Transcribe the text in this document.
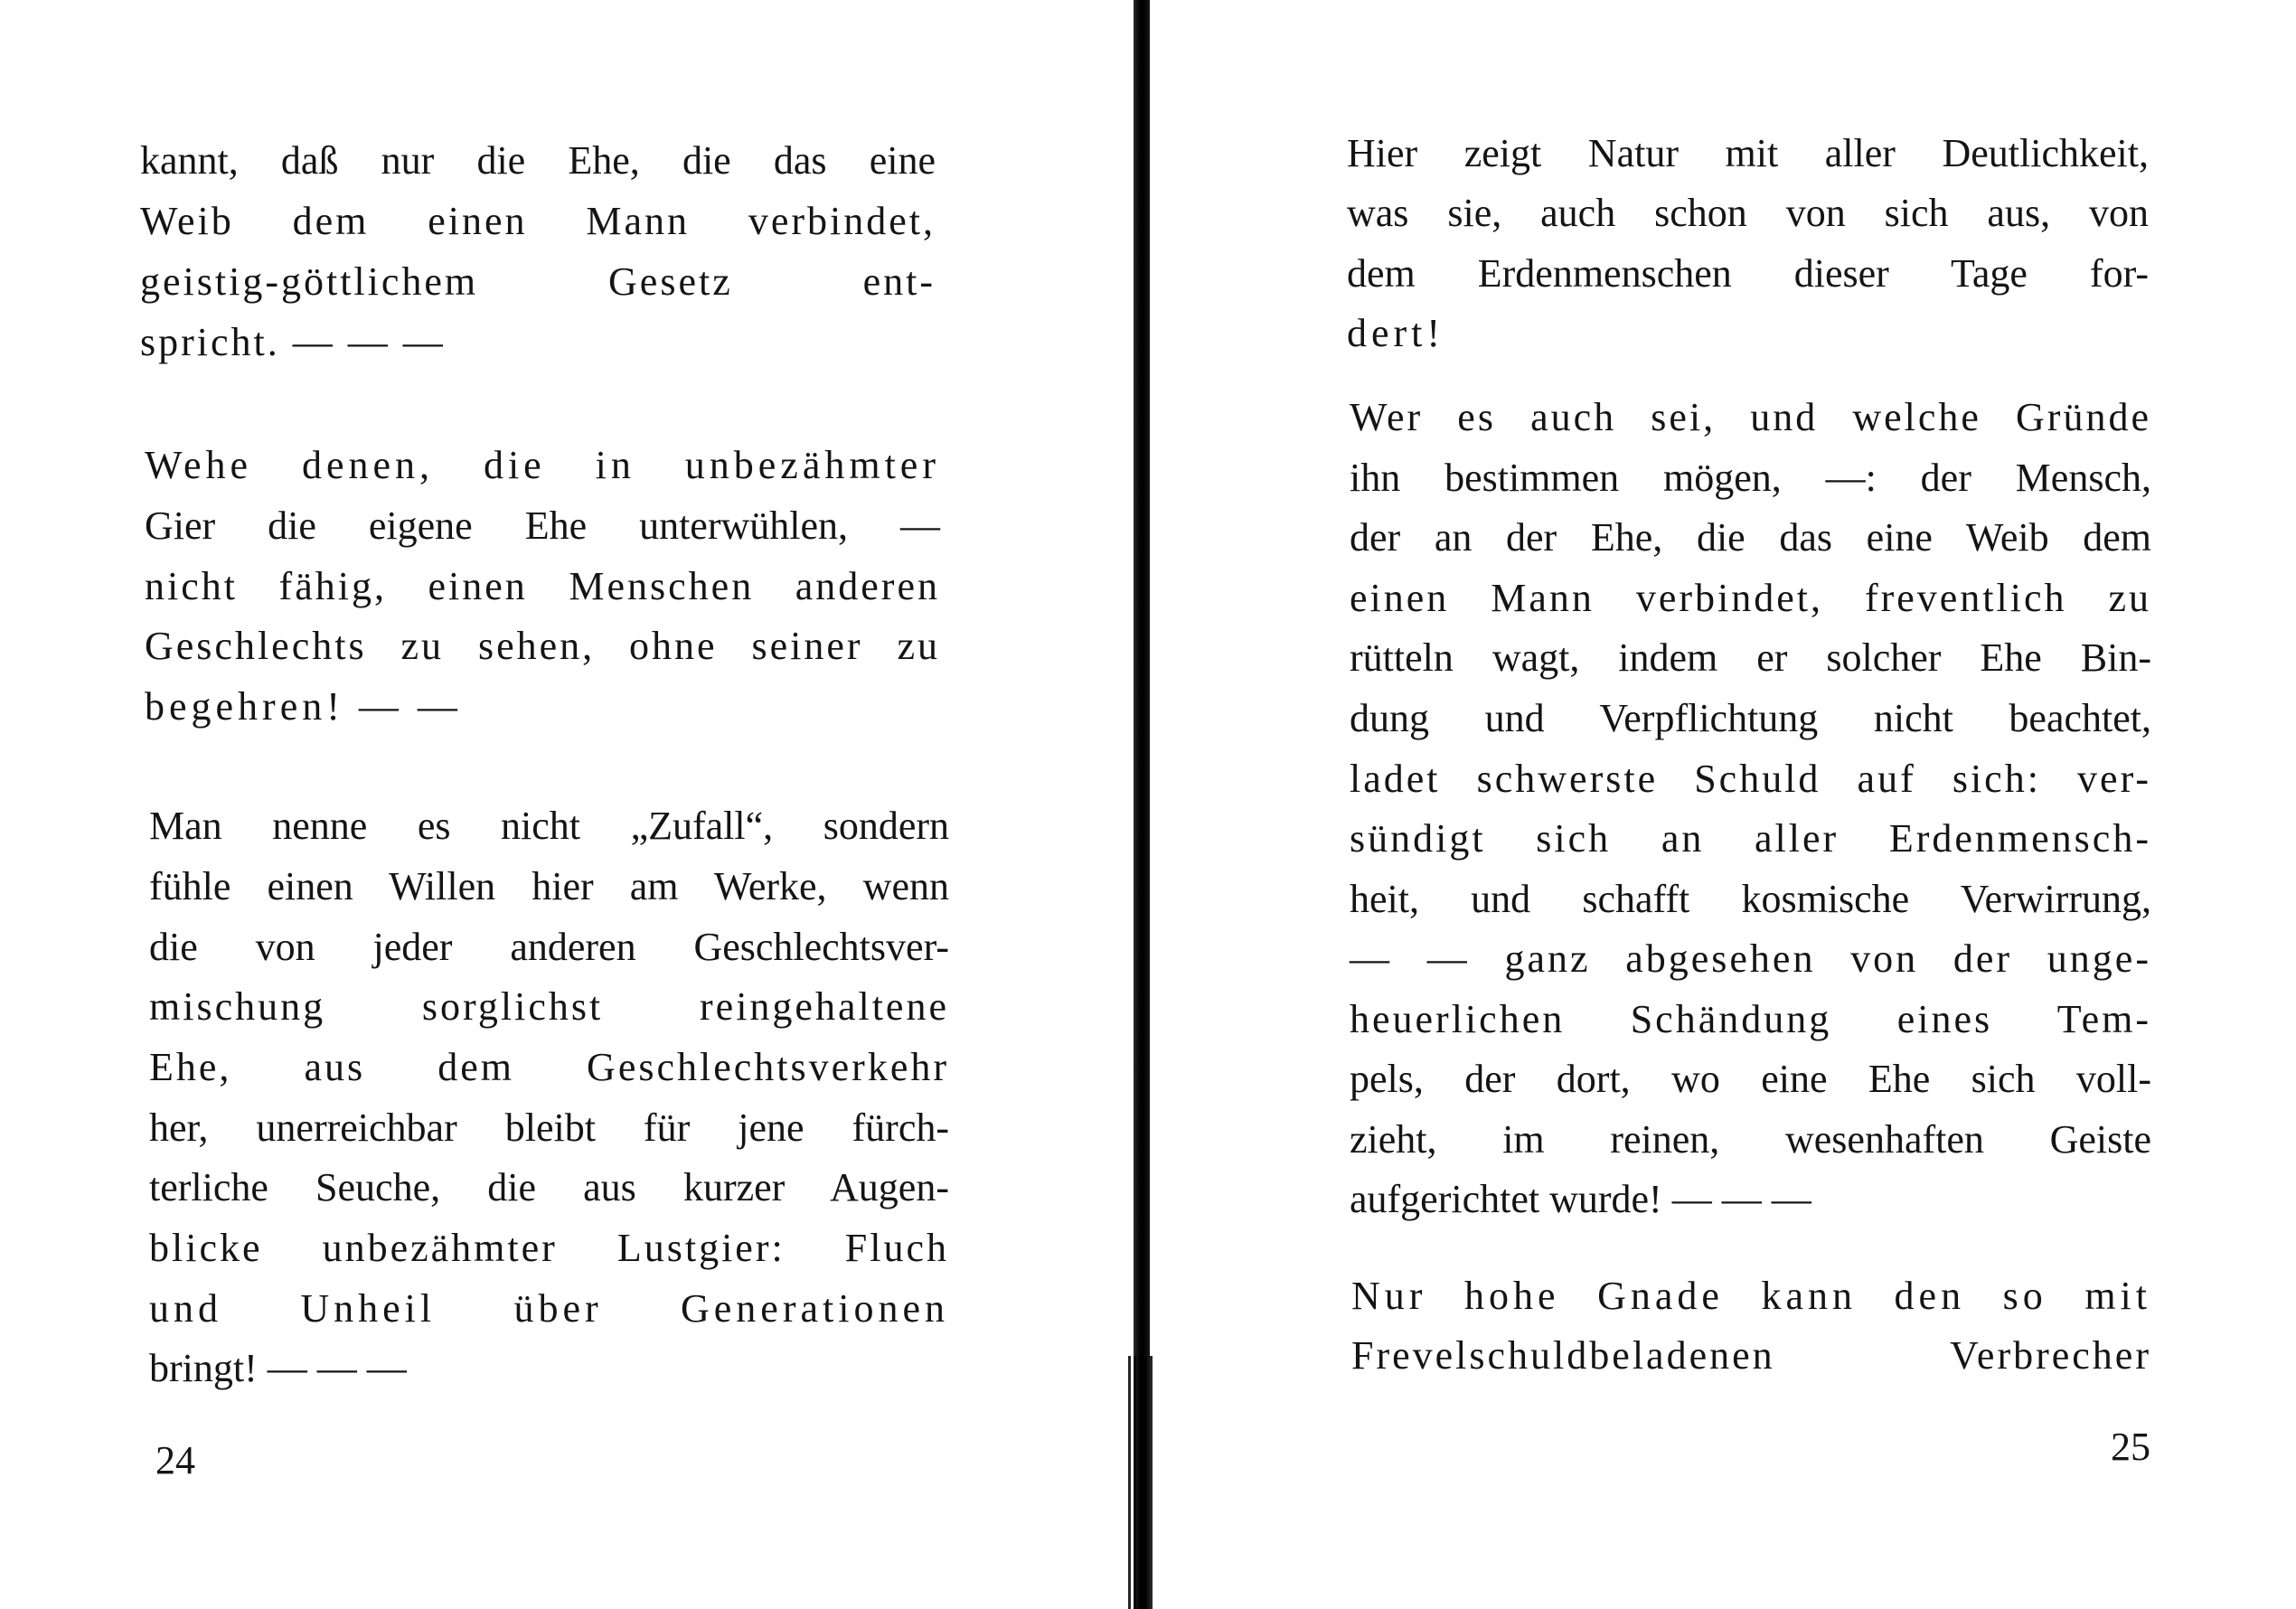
kannt, daß nur die Ehe, die das eine

Weib dem einen Mann verbindet,

geistig-göttlichem Gesetz ent-

spricht. — — —

Wehe denen, die in unbezähmter

Gier die eigene Ehe unterwühlen, —

nicht fähig, einen Menschen anderen

Geschlechts zu sehen, ohne seiner zu

begehren! — —

Man nenne es nicht „Zufall“, sondern

fühle einen Willen hier am Werke, wenn

die von jeder anderen Geschlechtsver-

mischung sorglichst reingehaltene

Ehe, aus dem Geschlechtsverkehr

her, unerreichbar bleibt für jene fürch-

terliche Seuche, die aus kurzer Augen-

blicke unbezähmter Lustgier: Fluch

und Unheil über Generationen

bringt! — — —

24

Hier zeigt Natur mit aller Deutlichkeit,

was sie, auch schon von sich aus, von

dem Erdenmenschen dieser Tage for-

dert!

Wer es auch sei, und welche Gründe

ihn bestimmen mögen, —: der Mensch,

der an der Ehe, die das eine Weib dem

einen Mann verbindet, freventlich zu

rütteln wagt, indem er solcher Ehe Bin-

dung und Verpflichtung nicht beachtet,

ladet schwerste Schuld auf sich: ver-

sündigt sich an aller Erdenmensch-

heit, und schafft kosmische Verwirrung,

— — ganz abgesehen von der unge-

heuerlichen Schändung eines Tem-

pels, der dort, wo eine Ehe sich voll-

zieht, im reinen, wesenhaften Geiste

aufgerichtet wurde! — — —

Nur hohe Gnade kann den so mit

Frevelschuldbeladenen Verbrecher

25
